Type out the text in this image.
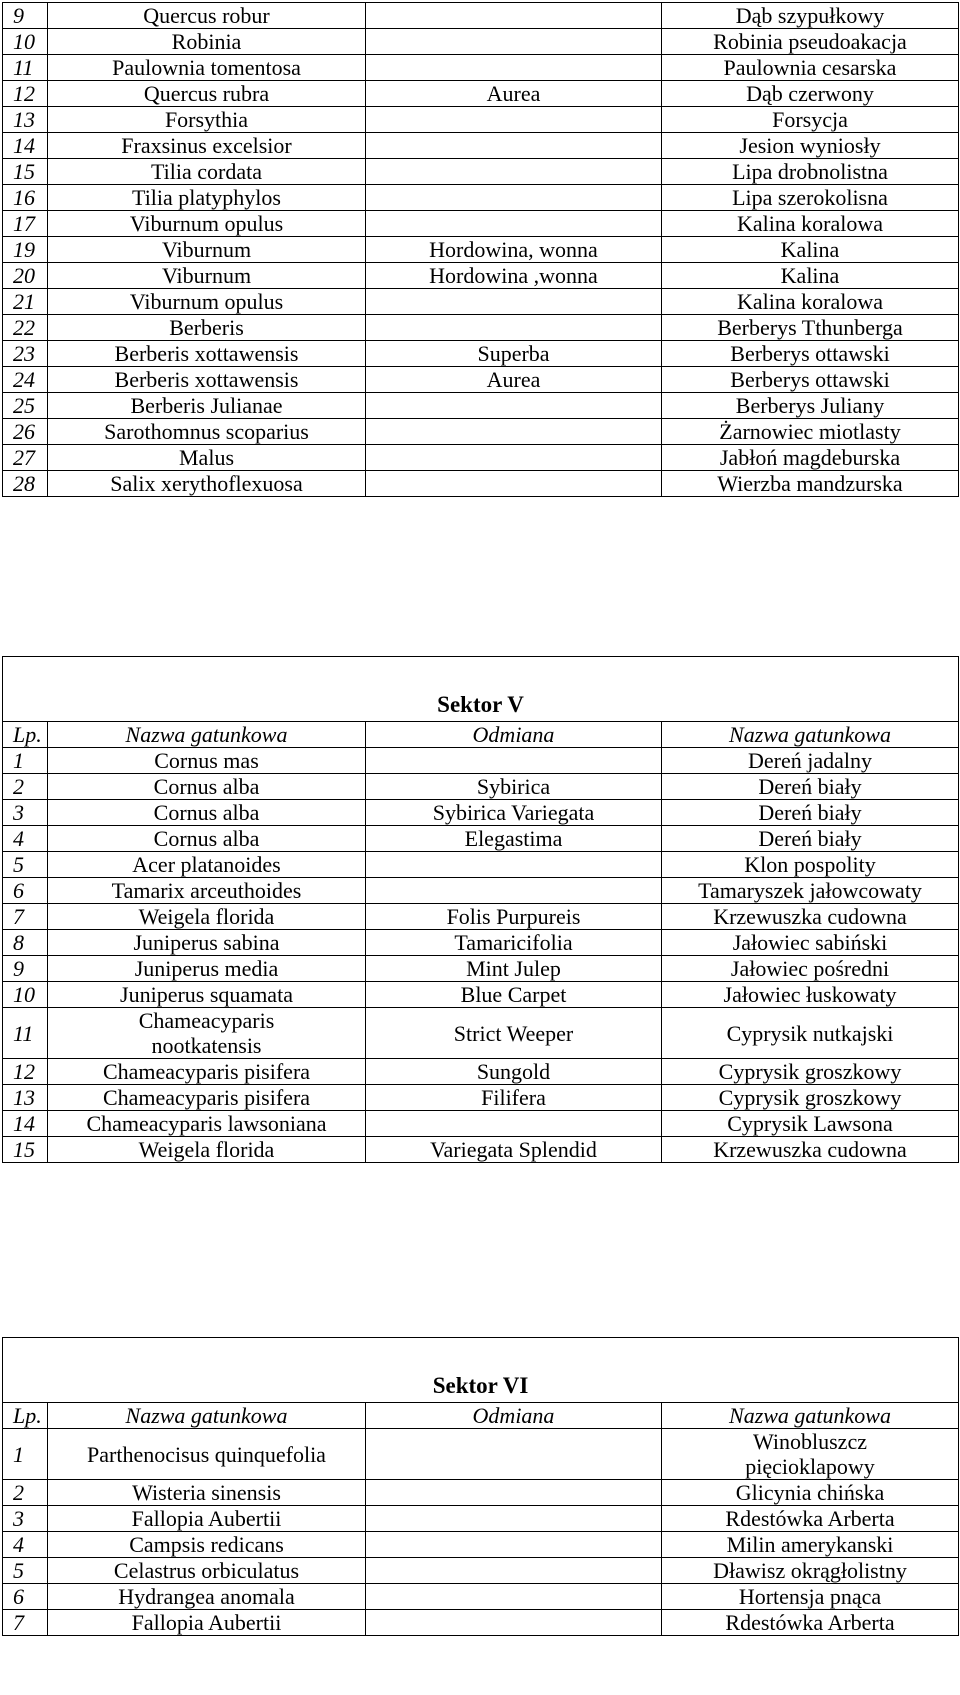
9	Quercus robur		Dąb szypułkowy
10	Robinia		Robinia pseudoakacja
11	Paulownia tomentosa		Paulownia cesarska
12	Quercus rubra	Aurea	Dąb czerwony
13	Forsythia		Forsycja
14	Fraxsinus excelsior		Jesion wyniosły
15	Tilia cordata		Lipa drobnolistna
16	Tilia platyphylos		Lipa szerokolisna
17	Viburnum opulus		Kalina koralowa
19	Viburnum	Hordowina, wonna	Kalina
20	Viburnum	Hordowina ,wonna	Kalina
21	Viburnum opulus		Kalina koralowa
22	Berberis		Berberys Tthunberga
23	Berberis xottawensis	Superba	Berberys ottawski
24	Berberis xottawensis	Aurea	Berberys ottawski
25	Berberis Julianae		Berberys Juliany
26	Sarothomnus scoparius		Żarnowiec miotlasty
27	Malus		Jabłoń magdeburska
28	Salix xerythoflexuosa		Wierzba mandzurska
Sektor V			
Lp.	Nazwa gatunkowa	Odmiana	Nazwa gatunkowa
1	Cornus mas		Dereń jadalny
2	Cornus alba	Sybirica	Dereń biały
3	Cornus alba	Sybirica Variegata	Dereń biały
4	Cornus alba	Elegastima	Dereń biały
5	Acer platanoides		Klon pospolity
6	Tamarix arceuthoides		Tamaryszek jałowcowaty
7	Weigela florida	Folis Purpureis	Krzewuszka cudowna
8	Juniperus sabina	Tamaricifolia	Jałowiec sabiński
9	Juniperus media	Mint Julep	Jałowiec pośredni
10	Juniperus squamata	Blue Carpet	Jałowiec łuskowaty
11	Chameacyparis nootkatensis	Strict Weeper	Cyprysik nutkajski
12	Chameacyparis pisifera	Sungold	Cyprysik groszkowy
13	Chameacyparis pisifera	Filifera	Cyprysik groszkowy
14	Chameacyparis lawsoniana		Cyprysik Lawsona
15	Weigela florida	Variegata Splendid	Krzewuszka cudowna
Sektor VI			
Lp.	Nazwa gatunkowa	Odmiana	Nazwa gatunkowa
1	Parthenocisus quinquefolia		Winobluszcz pięcioklapowy
2	Wisteria sinensis		Glicynia chińska
3	Fallopia Aubertii		Rdestówka Arberta
4	Campsis redicans		Milin amerykanski
5	Celastrus orbiculatus		Dławisz okrągłolistny
6	Hydrangea anomala		Hortensja pnąca
7	Fallopia Aubertii		Rdestówka Arberta
